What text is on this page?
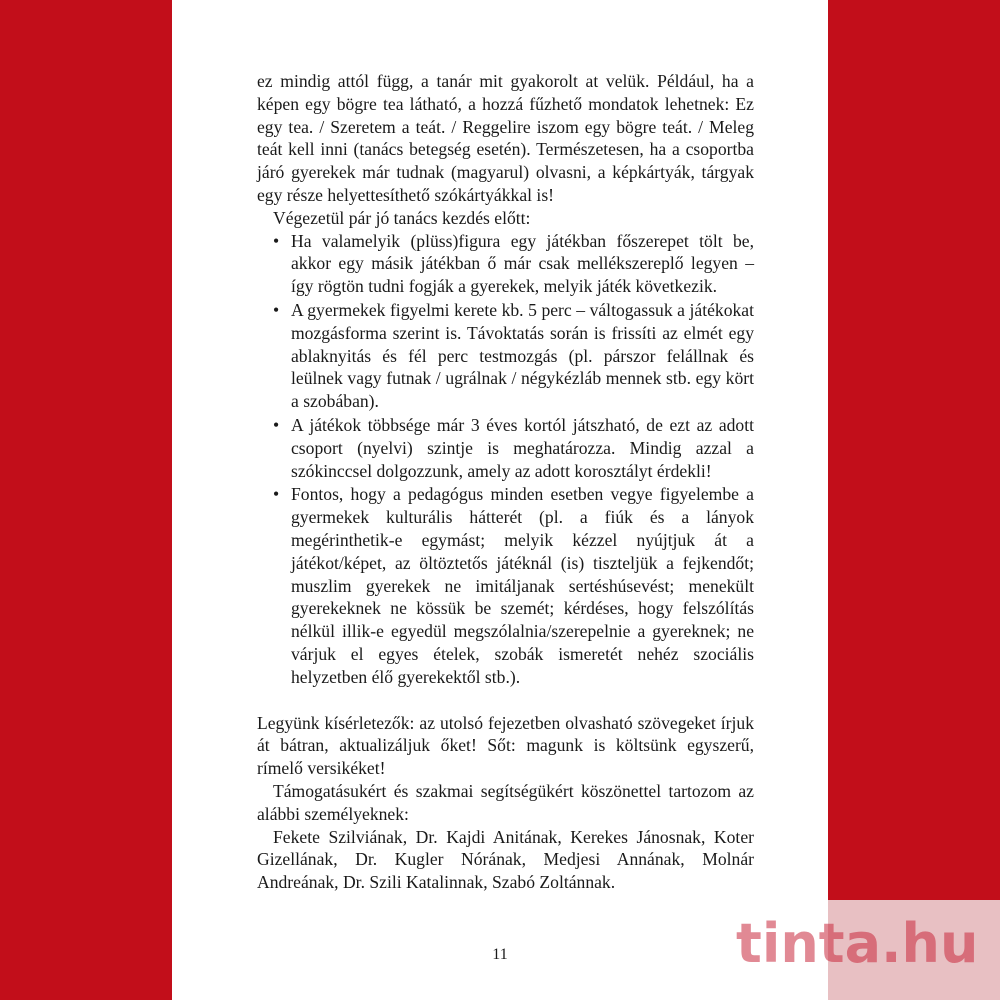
ez mindig attól függ, a tanár mit gyakorolt at velük. Például, ha a képen egy bögre tea látható, a hozzá fűzhető mondatok lehetnek: Ez egy tea. / Szeretem a teát. / Reggelire iszom egy bögre teát. / Meleg teát kell inni (tanács betegség esetén). Természetesen, ha a csoportba járó gyerekek már tudnak (magyarul) olvasni, a képkártyák, tárgyak egy része helyettesíthető szókártyákkal is!

Végezetül pár jó tanács kezdés előtt:

• Ha valamelyik (plüss)figura egy játékban főszerepet tölt be, akkor egy másik játékban ő már csak mellékszereplő legyen – így rögtön tudni fogják a gyerekek, melyik játék következik.
• A gyermekek figyelmi kerete kb. 5 perc – váltogassuk a játékokat mozgásforma szerint is. Távoktatás során is frissíti az elmét egy ablaknyitás és fél perc testmozgás (pl. párszor felállnak és leülnek vagy futnak / ugrálnak / négykézláb mennek stb. egy kört a szobában).
• A játékok többsége már 3 éves kortól játszható, de ezt az adott csoport (nyelvi) szintje is meghatározza. Mindig azzal a szókinccsel dolgozzunk, amely az adott korosztályt érdekli!
• Fontos, hogy a pedagógus minden esetben vegye figyelembe a gyermekek kulturális hátterét (pl. a fiúk és a lányok megérinthetik-e egymást; melyik kézzel nyújtjuk át a játékot/képet, az öltöztetős játéknál (is) tiszteljük a fejkendőt; muszlim gyerekek ne imitáljanak sertéshúsevést; menekült gyerekeknek ne kössük be szemét; kérdéses, hogy felszólítás nélkül illik-e egyedül megszólalnia/szerepelnie a gyereknek; ne várjuk el egyes ételek, szobák ismeretét nehéz szociális helyzetben élő gyerekektől stb.).

Legyünk kísérletezők: az utolsó fejezetben olvasható szövegeket írjuk át bátran, aktualizáljuk őket! Sőt: magunk is költsünk egyszerű, rímelő versikéket!

Támogatásukért és szakmai segítségükért köszönettel tartozom az alábbi személyeknek:

Fekete Szilviának, Dr. Kajdi Anitának, Kerekes Jánosnak, Koter Gizellának, Dr. Kugler Nórának, Medjesi Annának, Molnár Andreának, Dr. Szili Katalinnak, Szabó Zoltánnak.

11	tinta.hu
